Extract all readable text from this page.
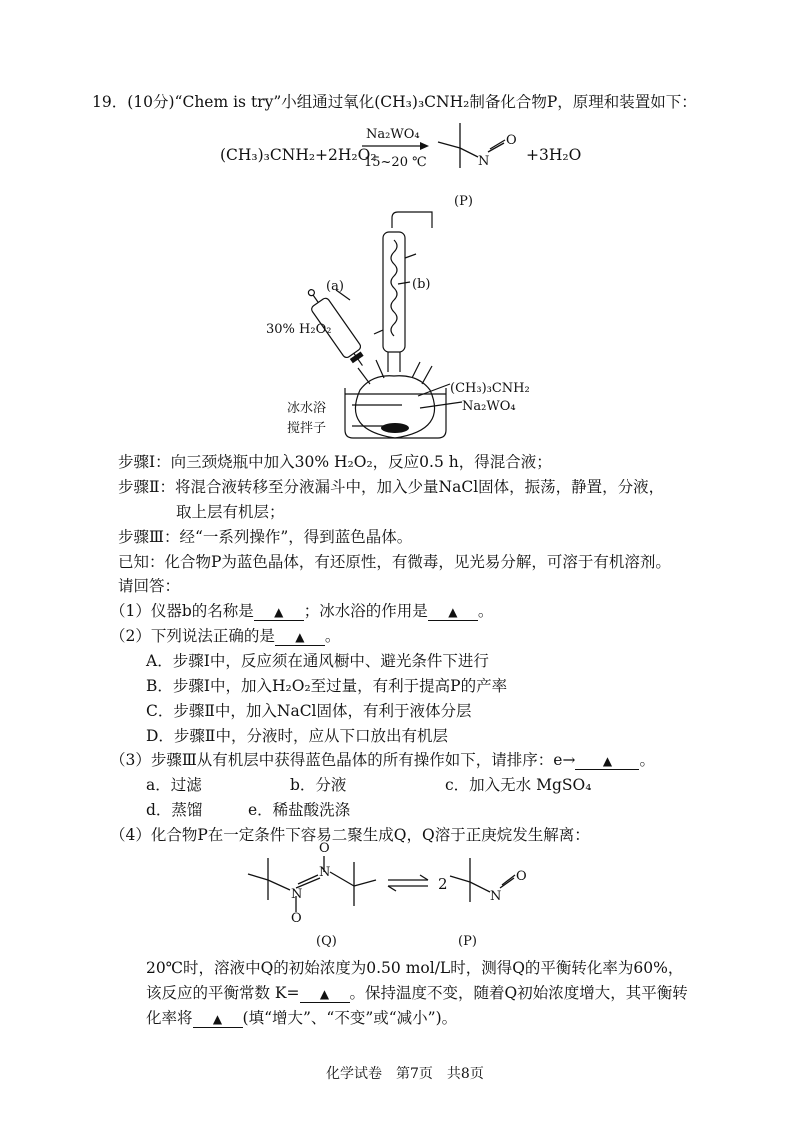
19．(10分)“Chem is try”小组通过氧化(CH₃)₃CNH₂制备化合物P，原理和装置如下：
(CH₃)₃CNH₂+2H₂O₂
Na₂WO₄
15~20 ℃	N
O
(P)
+3H₂O
(a)	(b)
30% H₂O₂
(CH₃)₃CNH₂
Na₂WO₄
冰水浴
搅拌子
步骤Ⅰ：向三颈烧瓶中加入30% H₂O₂，反应0.5 h，得混合液；
步骤Ⅱ：将混合液转移至分液漏斗中，加入少量NaCl固体，振荡，静置，分液，
取上层有机层；
步骤Ⅲ：经“一系列操作”，得到蓝色晶体。
已知：化合物P为蓝色晶体，有还原性，有微毒，见光易分解，可溶于有机溶剂。
请回答：
（1）仪器b的名称是 ▲ ；冰水浴的作用是 ▲ 。
（2）下列说法正确的是 ▲ 。
A．步骤Ⅰ中，反应须在通风橱中、避光条件下进行
B．步骤Ⅰ中，加入H₂O₂至过量，有利于提高P的产率
C．步骤Ⅱ中，加入NaCl固体，有利于液体分层
D．步骤Ⅱ中，分液时，应从下口放出有机层
（3）步骤Ⅲ从有机层中获得蓝色晶体的所有操作如下，请排序：e→ ▲ 。
a．过滤	b．分液	c．加入无水 MgSO₄
d．蒸馏	e．稀盐酸洗涤
（4）化合物P在一定条件下容易二聚生成Q，Q溶于正庚烷发生解离：
N
N
O
O
2
N
O
(Q)	(P)
20℃时，溶液中Q的初始浓度为0.50 mol/L时，测得Q的平衡转化率为60%，
该反应的平衡常数 K= ▲ 。保持温度不变，随着Q初始浓度增大，其平衡转
化率将 ▲ (填“增大”、“不变”或“减小”)。
化学试卷　第7页　共8页
